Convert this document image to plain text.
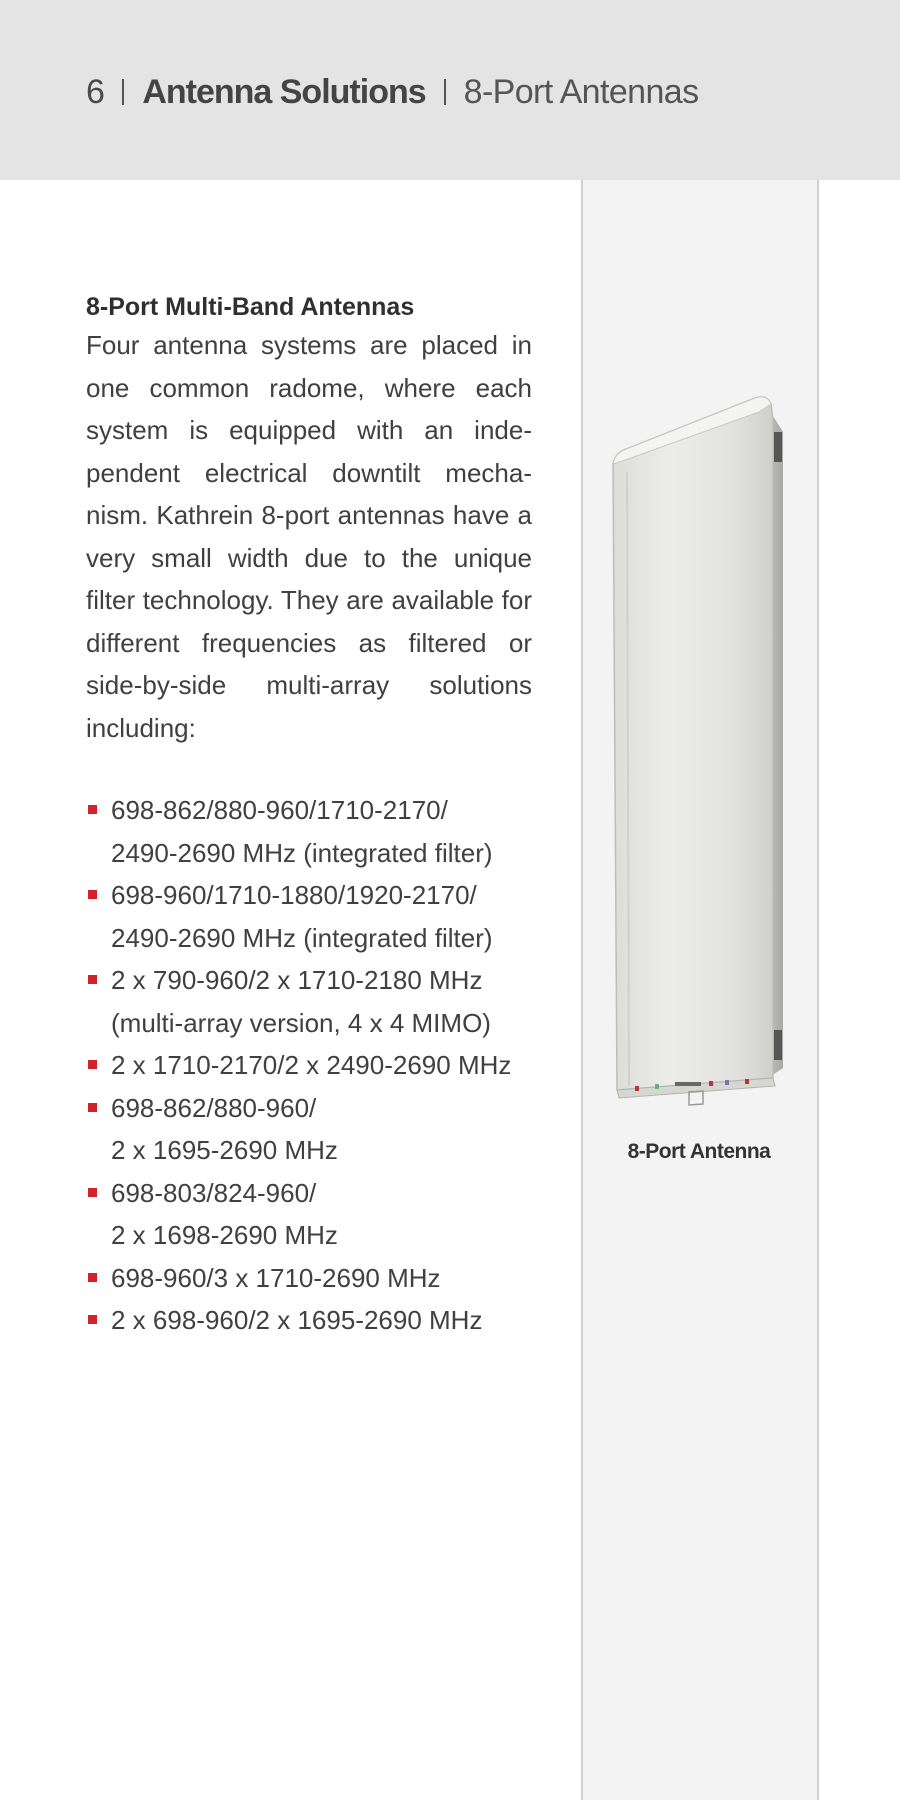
6 Antenna Solutions 8-Port Antennas
8-Port Antenna
8-Port Multi-Band Antennas

Four antenna systems are placed in one common radome, where each system is equipped with an inde-pendent electrical downtilt mecha-nism. Kathrein 8-port antennas have a very small width due to the unique filter technology. They are available for different frequencies as filtered or side-by-side multi-array solutions including:

698-862/880-960/1710-2170/
2490-2690 MHz (integrated filter)
698-960/1710-1880/1920-2170/
2490-2690 MHz (integrated filter)
2 x 790-960/2 x 1710-2180 MHz
(multi-array version, 4 x 4 MIMO)
2 x 1710-2170/2 x 2490-2690 MHz
698-862/880-960/
2 x 1695-2690 MHz
698-803/824-960/
2 x 1698-2690 MHz
698-960/3 x 1710-2690 MHz
2 x 698-960/2 x 1695-2690 MHz
